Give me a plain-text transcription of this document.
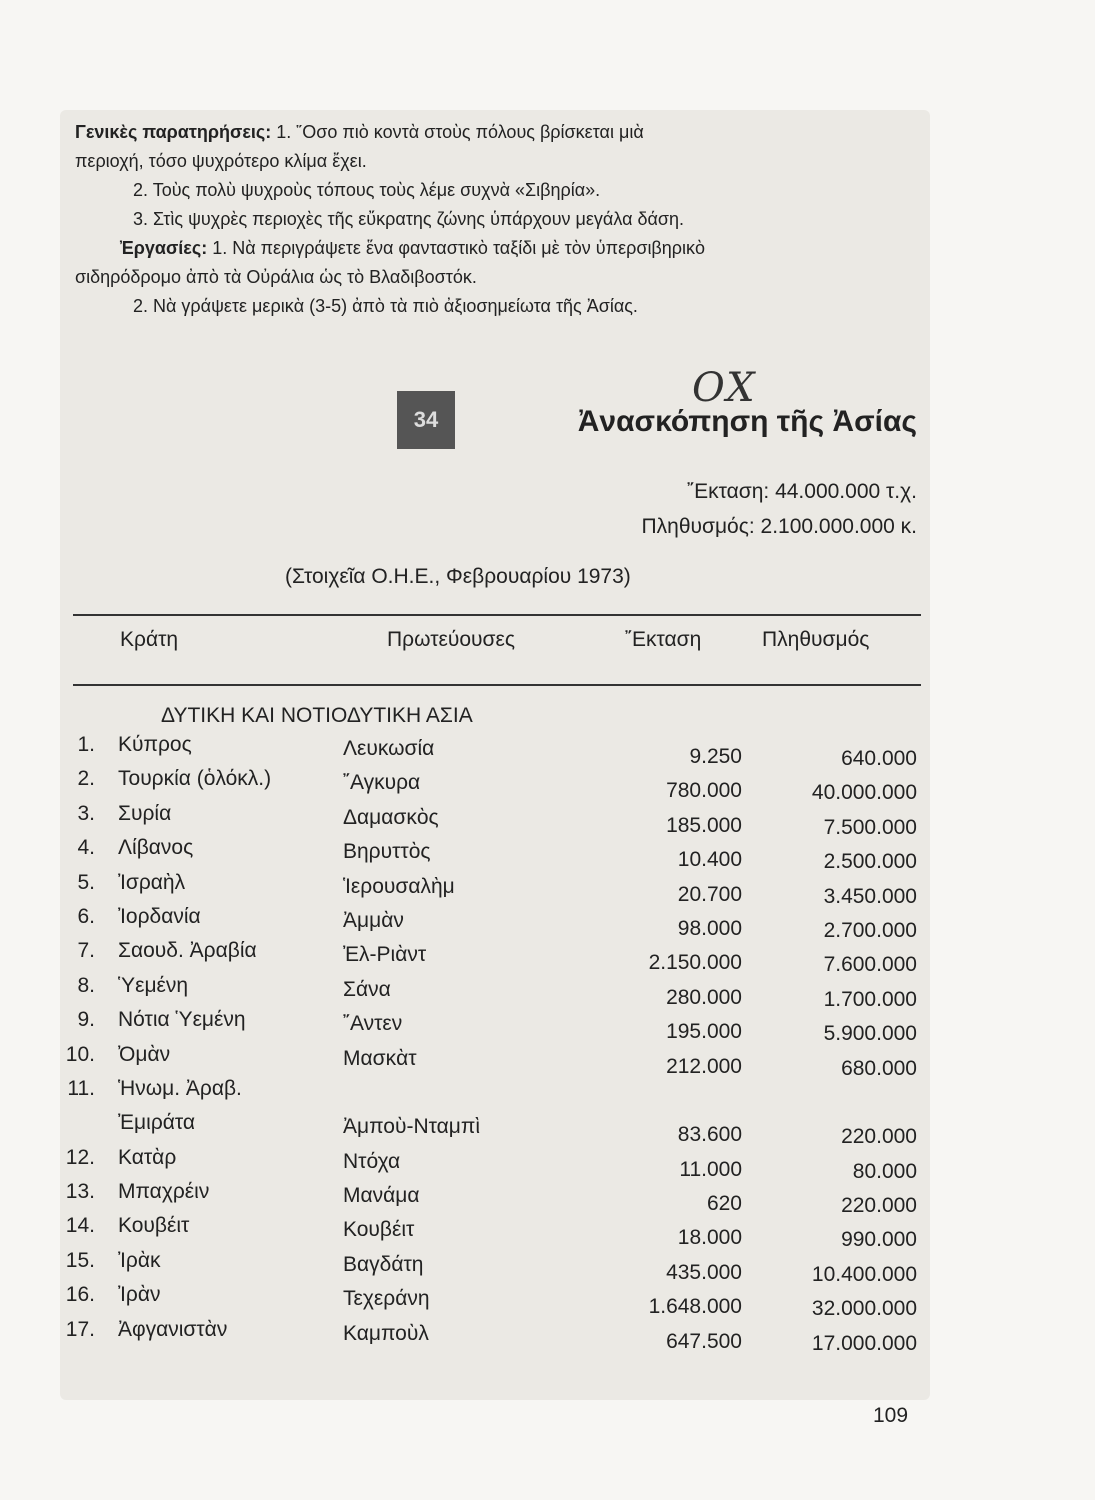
Γενικὲς παρατηρήσεις: 1. ῞Οσο πιὸ κοντὰ στοὺς πόλους βρίσκεται μιὰ

περιοχή, τόσο ψυχρότερο κλίμα ἔχει.

2. Τοὺς πολὺ ψυχροὺς τόπους τοὺς λέμε συχνὰ «Σιβηρία».

3. Στὶς ψυχρὲς περιοχὲς τῆς εὔκρατης ζώνης ὑπάρχουν μεγάλα δάση.

Ἐργασίες: 1. Νὰ περιγράψετε ἕνα φανταστικὸ ταξίδι μὲ τὸν ὑπερσιβηρικὸ

σιδηρόδρομο ἀπὸ τὰ Οὐράλια ὡς τὸ Βλαδιβοστόκ.

2. Νὰ γράψετε μερικὰ (3-5) ἀπὸ τὰ πιὸ ἀξιοσημείωτα τῆς Ἀσίας.

OX
34	Ἀνασκόπηση τῆς Ἀσίας
῎Εκταση: 44.000.000 τ.χ.
Πληθυσμός: 2.100.000.000 κ.
(Στοιχεῖα Ο.Η.Ε., Φεβρουαρίου 1973)
Κράτη	Πρωτεύουσες	῎Εκταση	Πληθυσμός
ΔΥΤΙΚΗ ΚΑΙ ΝΟΤΙΟΔΥΤΙΚΗ ΑΣΙΑ
1. Κύπρος	Λευκωσία	9.250	640.000
2. Τουρκία (ὁλόκλ.)	῎Αγκυρα	780.000	40.000.000
3. Συρία	Δαμασκὸς	185.000	7.500.000
4. Λίβανος	Βηρυττὸς	10.400	2.500.000
5. Ἰσραὴλ	Ἱερουσαλὴμ	20.700	3.450.000
6. Ἰορδανία	Ἀμμὰν	98.000	2.700.000
7. Σαουδ. Ἀραβία	Ἐλ-Ριὰντ	2.150.000	7.600.000
8. Ὑεμένη	Σάνα	280.000	1.700.000
9. Νότια Ὑεμένη	῎Αντεν	195.000	5.900.000
10. Ὀμὰν	Μασκὰτ	212.000	680.000
11. Ἡνωμ. Ἀραβ.
Ἐμιράτα	Ἀμποὺ-Νταμπὶ	83.600	220.000
12. Κατὰρ	Ντόχα	11.000	80.000
13. Μπαχρέιν	Μανάμα	620	220.000
14. Κουβέιτ	Κουβέιτ	18.000	990.000
15. Ἰρὰκ	Βαγδάτη	435.000	10.400.000
16. Ἰρὰν	Τεχεράνη	1.648.000	32.000.000
17. Ἀφγανιστὰν	Καμποὺλ	647.500	17.000.000
109
